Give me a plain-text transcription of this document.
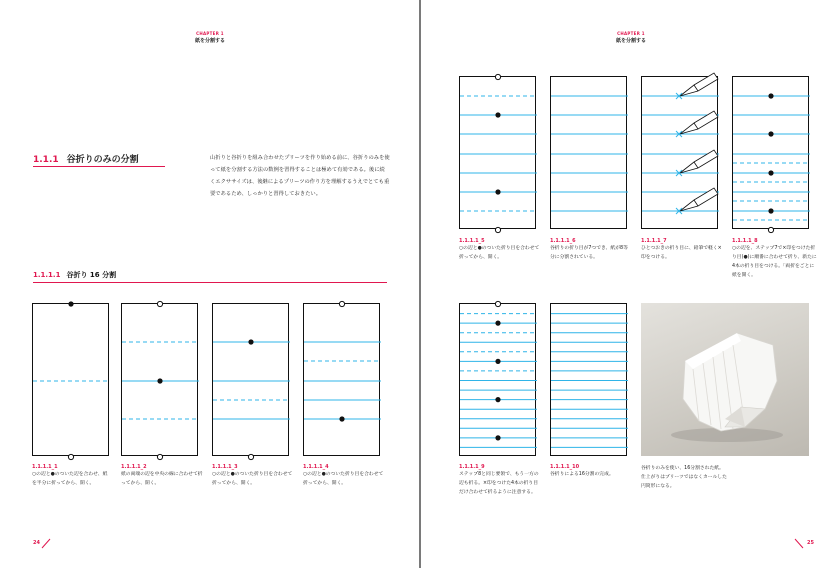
CHAPTER 1
紙を分割する
1.1.1 谷折りのみの分割	山折りと谷折りを組み合わせたプリーツを作り始める前に、谷折りのみを使って紙を分割する方法の数例を習得することは極めて有効である。後に続くエクササイズは、後継によるプリーツの作り方を理解するうえでとても重要であるため、しっかりと習得しておきたい。
1.1.1.1 谷折り 16 分割
1.1.1.1_1
○の辺と●のついた辺を合わせ、紙を半分に折ってから、開く。
1.1.1.1_2
紙の両端の辺を中央の線に合わせて折ってから、開く。
1.1.1.1_3
○の辺と●のついた折り目を合わせて折ってから、開く。
1.1.1.1_4
○の辺と●のついた折り目を合わせて折ってから、開く。
24
CHAPTER 1
紙を分割する
1.1.1.1_5
○の辺と●のついた折り目を合わせて折ってから、開く。
1.1.1.1_6
谷折りの折り目が7つでき、紙が8等分に分割されている。
1.1.1.1_7
ひとつおきの折り目に、鉛筆で軽く×印をつける。
1.1.1.1_8
○の辺を、ステップ7で×印をつけた折り目(●)に順番に合わせて折り、新たに4本の折り目をつける。「両折をごとに紙を開く。
1.1.1.1_9
ステップ8と同じ要領で、もう一方の辺も折る。×印をつけた4本の折り目だけ合わせて折るように注意する。
1.1.1.1_10
谷折りによる16分割の完成。
谷折りのみを使い、16分割された紙。仕上がりはプリーツではなくカールした円筒形になる。
25
